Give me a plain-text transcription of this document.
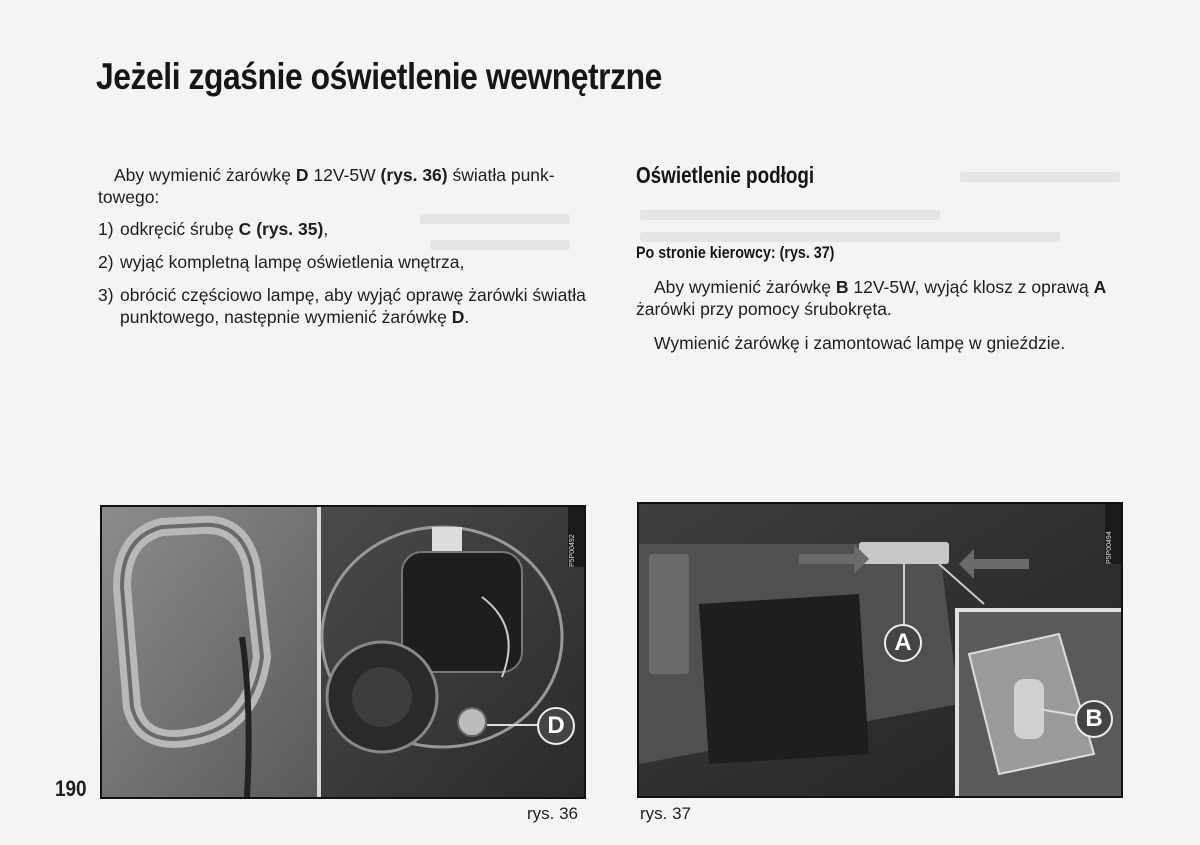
Jeżeli zgaśnie oświetlenie wewnętrzne

Aby wymienić żarówkę D 12V-5W (rys. 36) światła punk-towego:

1) odkręcić śrubę C (rys. 35),
2) wyjąć kompletną lampę oświetlenia wnętrza,
3) obrócić częściowo lampę, aby wyjąć oprawę żarówki światła punktowego, następnie wymienić żarówkę D.
Oświetlenie podłogi
Po stronie kierowcy: (rys. 37)

Aby wymienić żarówkę B 12V-5W, wyjąć klosz z oprawą A żarówki przy pomocy śrubokręta.

Wymienić żarówkę i zamontować lampę w gnieździe.

P5P00492
D
P5P00494
A
B
190
rys. 36	rys. 37
